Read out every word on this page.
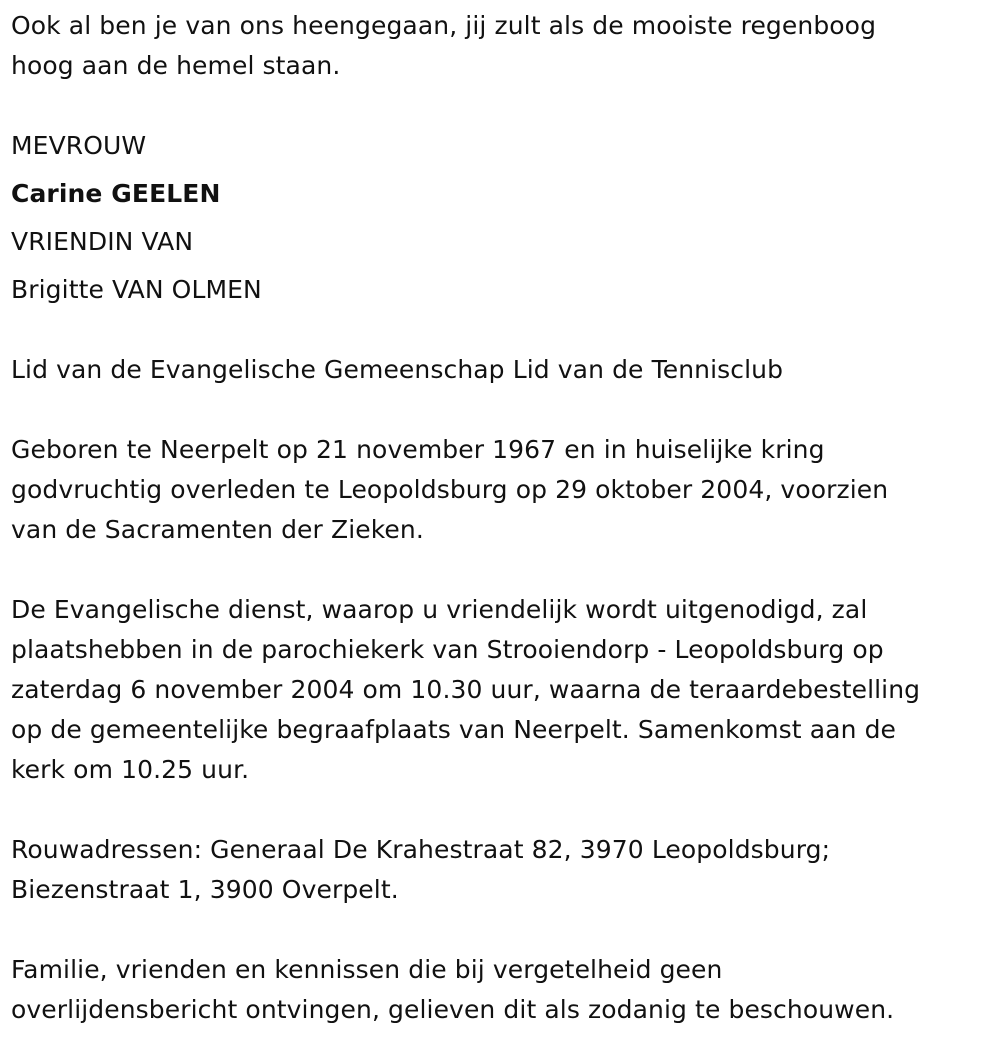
Ook al ben je van ons heengegaan, jij zult als de mooiste regenboog
hoog aan de hemel staan.

MEVROUW
Carine GEELEN
VRIENDIN VAN
Brigitte VAN OLMEN

Lid van de Evangelische Gemeenschap Lid van de Tennisclub

Geboren te Neerpelt op 21 november 1967 en in huiselijke kring
godvruchtig overleden te Leopoldsburg op 29 oktober 2004, voorzien
van de Sacramenten der Zieken.

De Evangelische dienst, waarop u vriendelijk wordt uitgenodigd, zal
plaatshebben in de parochiekerk van Strooiendorp - Leopoldsburg op
zaterdag 6 november 2004 om 10.30 uur, waarna de teraardebestelling
op de gemeentelijke begraafplaats van Neerpelt. Samenkomst aan de
kerk om 10.25 uur.

Rouwadressen: Generaal De Krahestraat 82, 3970 Leopoldsburg;
Biezenstraat 1, 3900 Overpelt.

Familie, vrienden en kennissen die bij vergetelheid geen
overlijdensbericht ontvingen, gelieven dit als zodanig te beschouwen.
